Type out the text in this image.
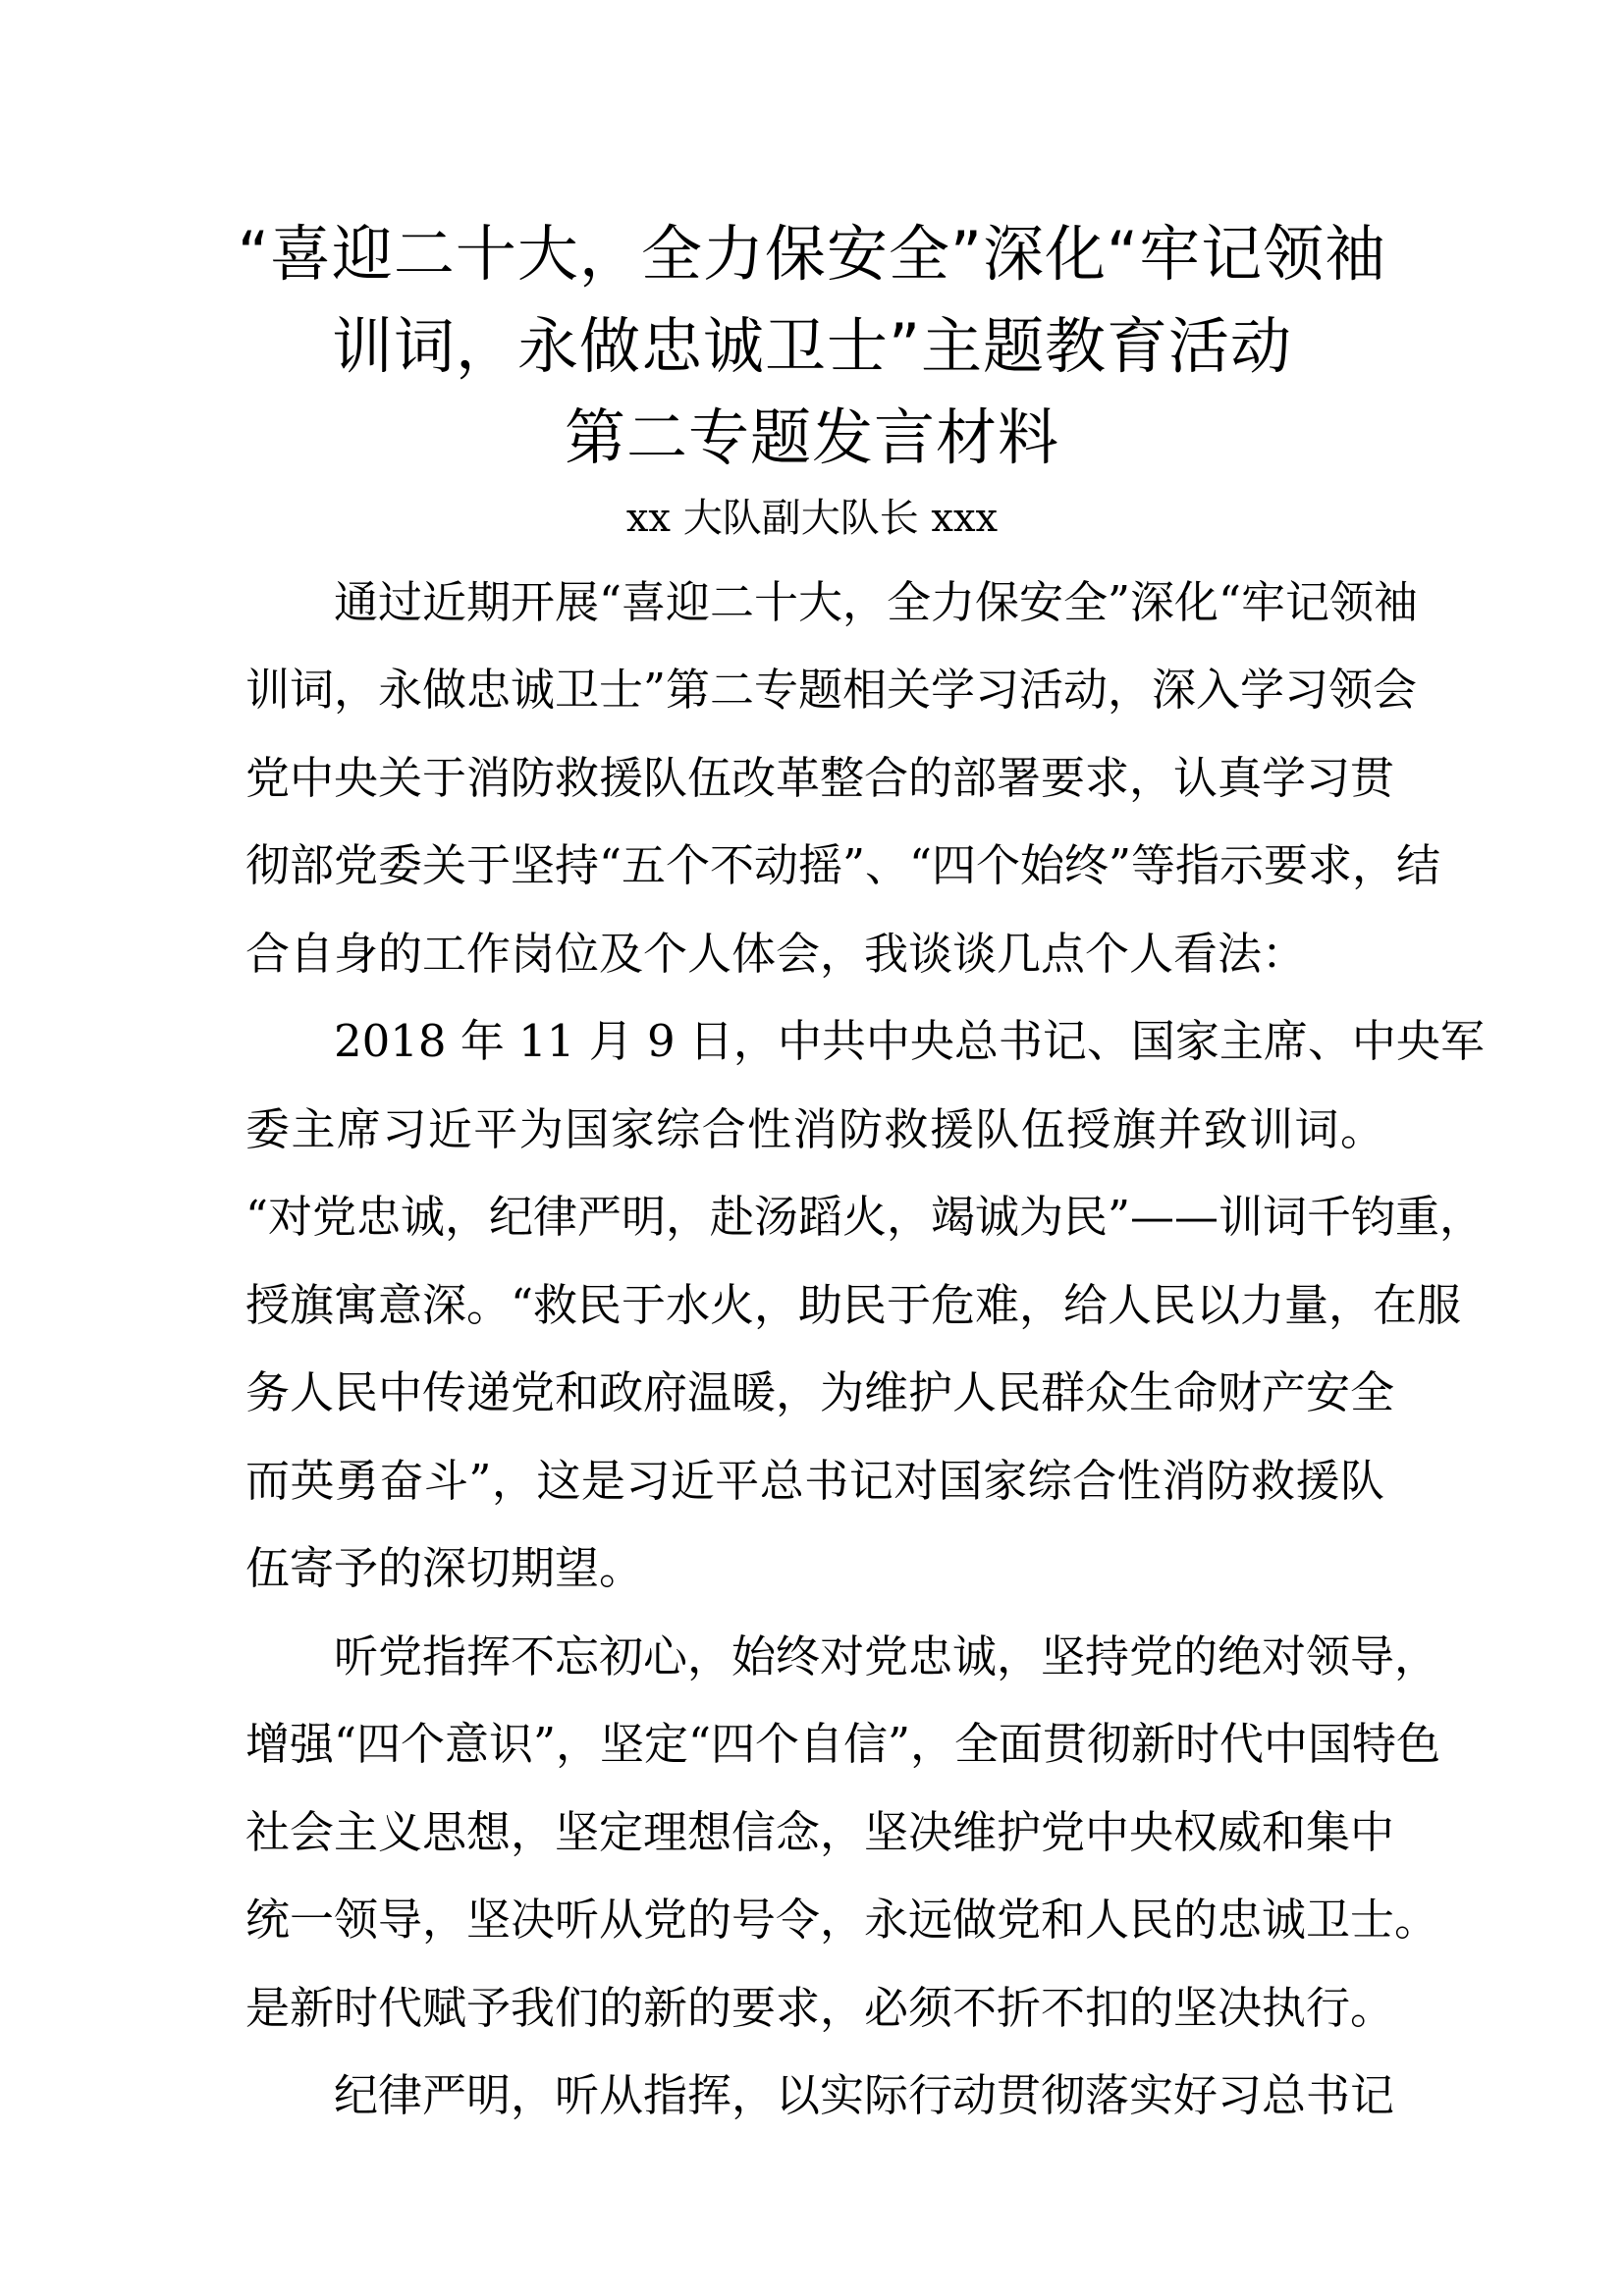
“喜迎二十大，全力保安全”深化“牢记领袖
训词，永做忠诚卫士”主题教育活动
第二专题发言材料
xx 大队副大队长 xxx
通过近期开展“喜迎二十大，全力保安全”深化“牢记领袖
训词，永做忠诚卫士”第二专题相关学习活动，深入学习领会
党中央关于消防救援队伍改革整合的部署要求，认真学习贯
彻部党委关于坚持“五个不动摇”、“四个始终”等指示要求，结
合自身的工作岗位及个人体会，我谈谈几点个人看法：
2018 年 11 月 9 日，中共中央总书记、国家主席、中央军
委主席习近平为国家综合性消防救援队伍授旗并致训词。
“对党忠诚，纪律严明，赴汤蹈火，竭诚为民”——训词千钧重，
授旗寓意深。“救民于水火，助民于危难，给人民以力量，在服
务人民中传递党和政府温暖，为维护人民群众生命财产安全
而英勇奋斗”，这是习近平总书记对国家综合性消防救援队
伍寄予的深切期望。
听党指挥不忘初心，始终对党忠诚，坚持党的绝对领导，
增强“四个意识”，坚定“四个自信”，全面贯彻新时代中国特色
社会主义思想，坚定理想信念，坚决维护党中央权威和集中
统一领导，坚决听从党的号令，永远做党和人民的忠诚卫士。
是新时代赋予我们的新的要求，必须不折不扣的坚决执行。
纪律严明，听从指挥，以实际行动贯彻落实好习总书记
